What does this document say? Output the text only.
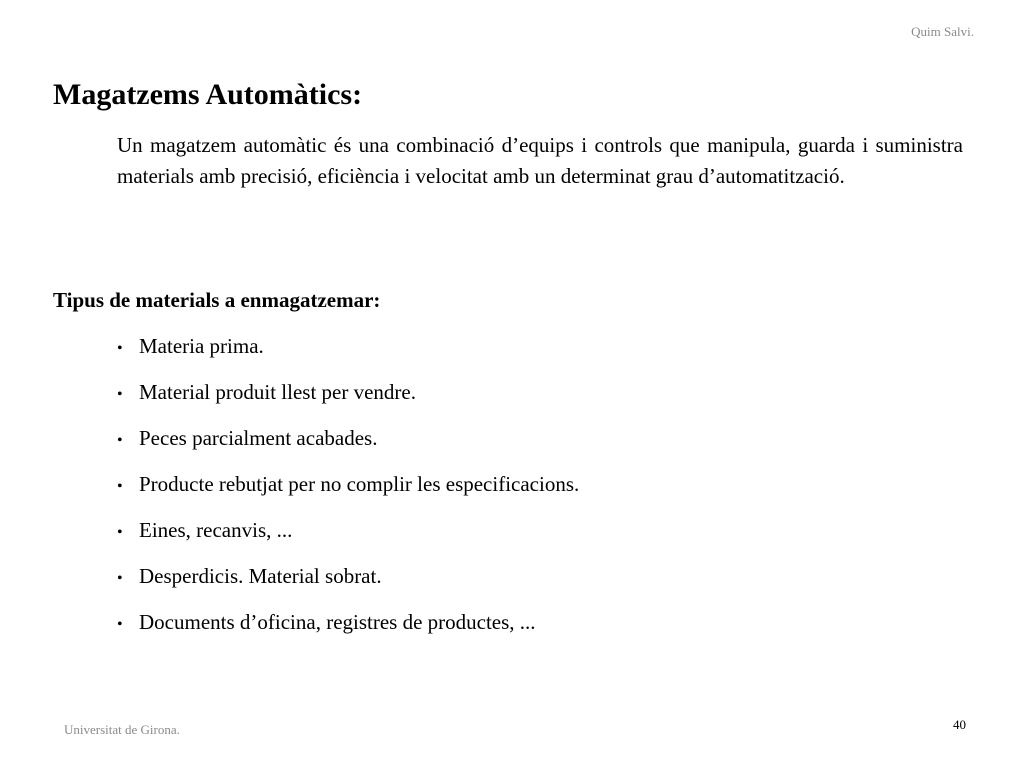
Quim Salvi.
Magatzems Automàtics:

Un magatzem automàtic és una combinació d’equips i controls que manipula, guarda i suministra materials amb precisió, eficiència i velocitat amb un determinat grau d’automatització.

Tipus de materials a enmagatzemar:
• Materia prima.
• Material produit llest per vendre.
• Peces parcialment acabades.
• Producte rebutjat per no complir les especificacions.
• Eines, recanvis, ...
• Desperdicis. Material sobrat.
• Documents d’oficina, registres de productes, ...
Universitat de Girona.	40
